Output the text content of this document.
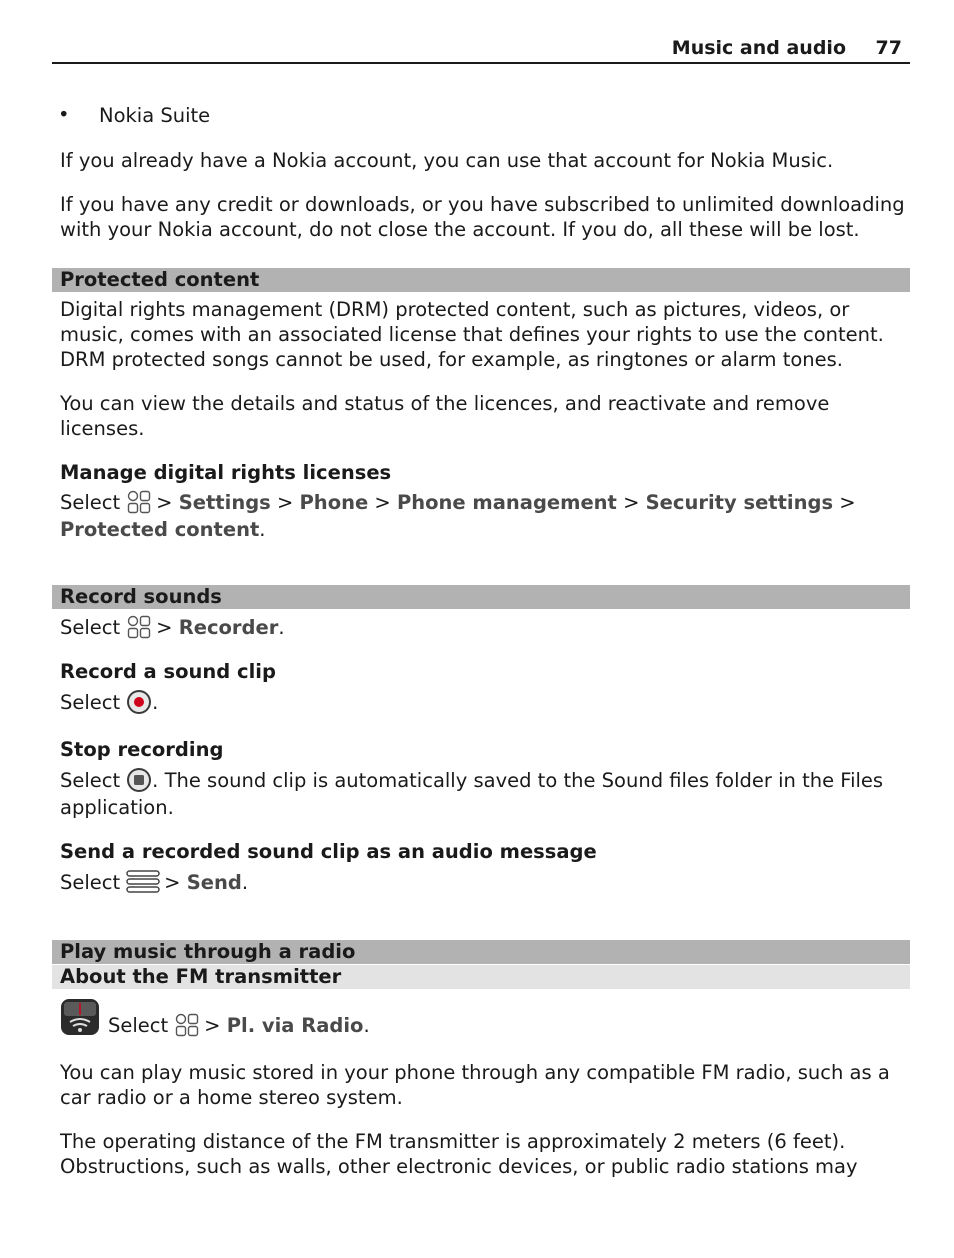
Music and audio 77
• Nokia Suite
If you already have a Nokia account, you can use that account for Nokia Music.
If you have any credit or downloads, or you have subscribed to unlimited downloading
with your Nokia account, do not close the account. If you do, all these will be lost.
Protected content
Digital rights management (DRM) protected content, such as pictures, videos, or
music, comes with an associated license that defines your rights to use the content.
DRM protected songs cannot be used, for example, as ringtones or alarm tones.
You can view the details and status of the licences, and reactivate and remove
licenses.
Manage digital rights licenses
Select > Settings > Phone > Phone management > Security settings >
Protected content.
Record sounds
Select > Recorder.
Record a sound clip
Select .
Stop recording
Select . The sound clip is automatically saved to the Sound files folder in the Files
application.
Send a recorded sound clip as an audio message
Select > Send.
Play music through a radio
About the FM transmitter
Select > Pl. via Radio.
You can play music stored in your phone through any compatible FM radio, such as a
car radio or a home stereo system.
The operating distance of the FM transmitter is approximately 2 meters (6 feet).
Obstructions, such as walls, other electronic devices, or public radio stations may
